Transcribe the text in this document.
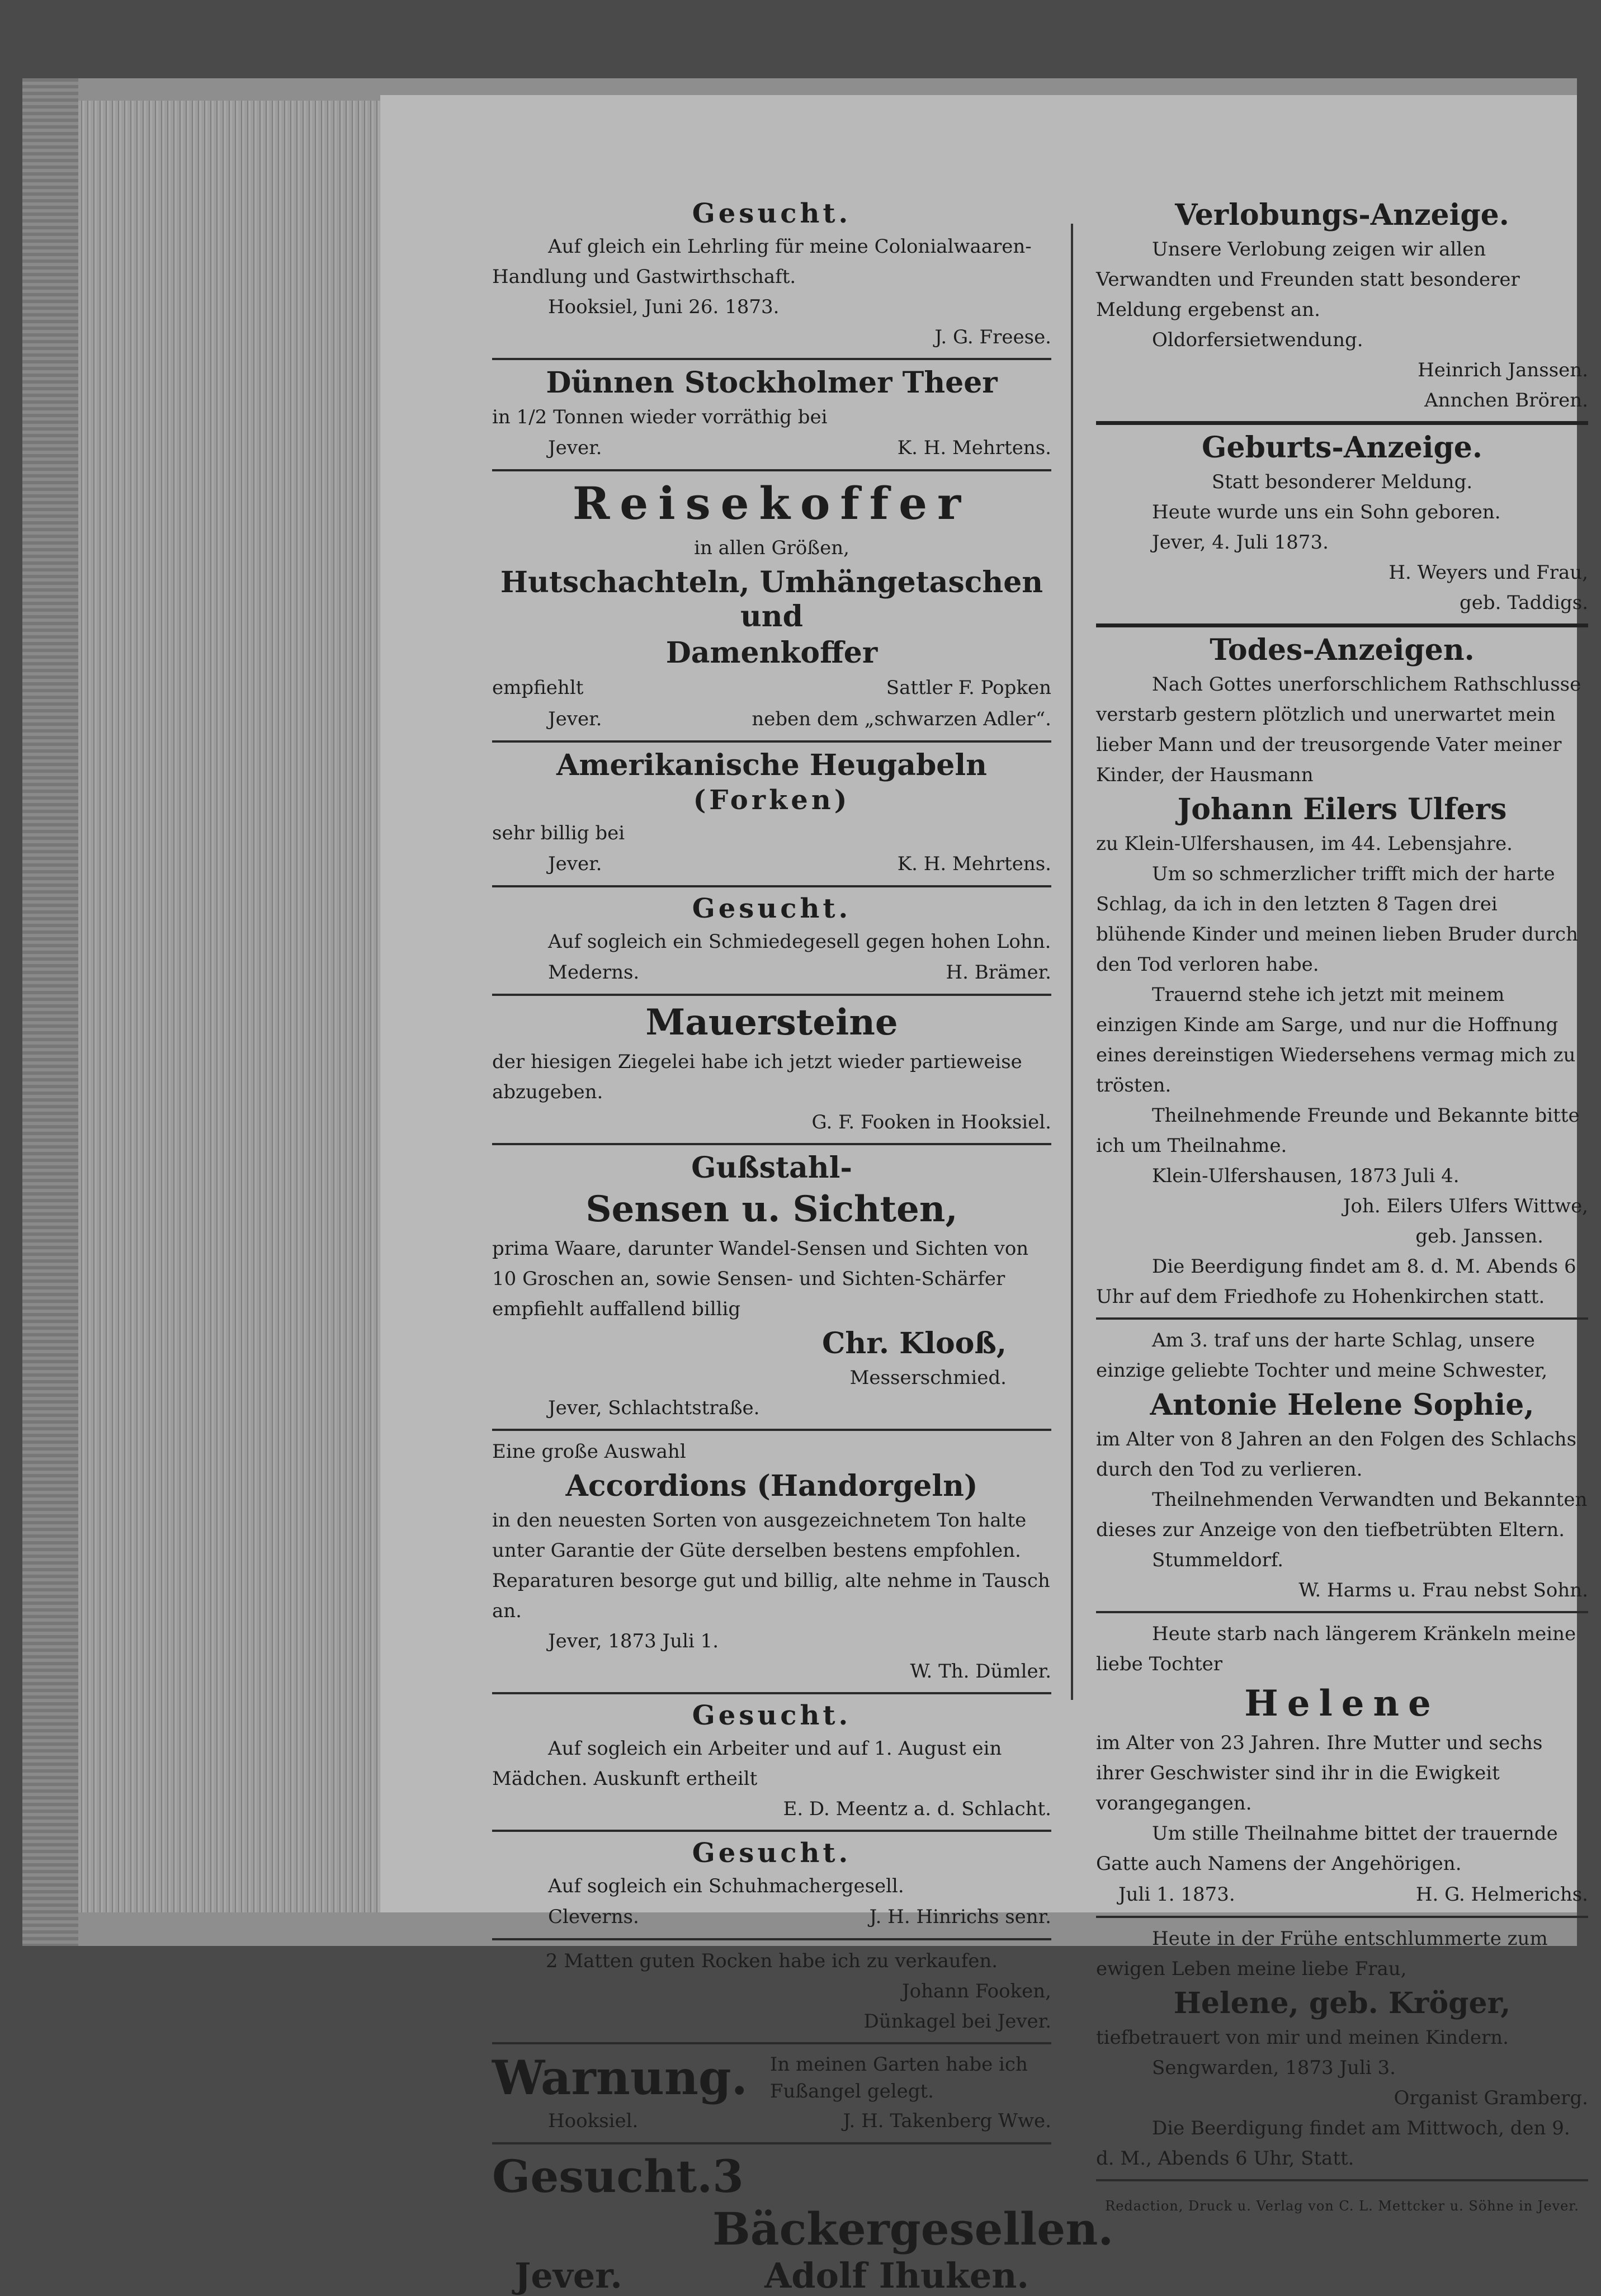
Gesucht.

Auf gleich ein Lehrling für meine Colonialwaaren-Handlung und Gastwirthschaft.

Hooksiel, Juni 26. 1873.

J. G. Freese.

Dünnen Stockholmer Theer

in 1/2 Tonnen wieder vorräthig bei

Jever.	K. H. Mehrtens.
Reisekoffer

in allen Größen,

Hutschachteln, Umhängetaschen und
Damenkoffer
empfiehlt	Sattler F. Popken
Jever.	neben dem „schwarzen Adler“.
Amerikanische Heugabeln
(Forken)

sehr billig bei

Jever.	K. H. Mehrtens.
Gesucht.

Auf sogleich ein Schmiedegesell gegen hohen Lohn.

Mederns.	H. Brämer.
Mauersteine

der hiesigen Ziegelei habe ich jetzt wieder partieweise abzugeben.

G. F. Fooken in Hooksiel.

Gußstahl-
Sensen u. Sichten,

prima Waare, darunter Wandel-Sensen und Sichten von 10 Groschen an, sowie Sensen- und Sichten-Schärfer empfiehlt auffallend billig

Chr. Klooß,

Messerschmied.

Jever, Schlachtstraße.

Eine große Auswahl

Accordions (Handorgeln)

in den neuesten Sorten von ausgezeichnetem Ton halte unter Garantie der Güte derselben bestens empfohlen. Reparaturen besorge gut und billig, alte nehme in Tausch an.

Jever, 1873 Juli 1.

W. Th. Dümler.

Gesucht.

Auf sogleich ein Arbeiter und auf 1. August ein Mädchen. Auskunft ertheilt

E. D. Meentz a. d. Schlacht.

Gesucht.

Auf sogleich ein Schuhmachergesell.

Cleverns.	J. H. Hinrichs senr.

2 Matten guten Rocken habe ich zu verkaufen.

Johann Fooken,

Dünkagel bei Jever.

Warnung.	In meinen Garten habe ich Fußangel gelegt.
Hooksiel.	J. H. Takenberg Wwe.
Gesucht. 3 Bäckergesellen.
Jever.	Adolf Ihuken.
Verlobungs-Anzeige.

Unsere Verlobung zeigen wir allen Verwandten und Freunden statt besonderer Meldung ergebenst an.

Oldorfersietwendung.

Heinrich Janssen.

Annchen Brören.

Geburts-Anzeige.

Statt besonderer Meldung.

Heute wurde uns ein Sohn geboren.

Jever, 4. Juli 1873.

H. Weyers und Frau,

geb. Taddigs.

Todes-Anzeigen.

Nach Gottes unerforschlichem Rathschlusse verstarb gestern plötzlich und unerwartet mein lieber Mann und der treusorgende Vater meiner Kinder, der Hausmann

Johann Eilers Ulfers

zu Klein-Ulfershausen, im 44. Lebensjahre.

Um so schmerzlicher trifft mich der harte Schlag, da ich in den letzten 8 Tagen drei blühende Kinder und meinen lieben Bruder durch den Tod verloren habe.

Trauernd stehe ich jetzt mit meinem einzigen Kinde am Sarge, und nur die Hoffnung eines dereinstigen Wiedersehens vermag mich zu trösten.

Theilnehmende Freunde und Bekannte bitte ich um Theilnahme.

Klein-Ulfershausen, 1873 Juli 4.

Joh. Eilers Ulfers Wittwe,

geb. Janssen.

Die Beerdigung findet am 8. d. M. Abends 6 Uhr auf dem Friedhofe zu Hohenkirchen statt.

Am 3. traf uns der harte Schlag, unsere einzige geliebte Tochter und meine Schwester,

Antonie Helene Sophie,

im Alter von 8 Jahren an den Folgen des Schlachs durch den Tod zu verlieren.

Theilnehmenden Verwandten und Bekannten dieses zur Anzeige von den tiefbetrübten Eltern.

Stummeldorf.

W. Harms u. Frau nebst Sohn.

Heute starb nach längerem Kränkeln meine liebe Tochter

Helene

im Alter von 23 Jahren. Ihre Mutter und sechs ihrer Geschwister sind ihr in die Ewigkeit vorangegangen.

Um stille Theilnahme bittet der trauernde Gatte auch Namens der Angehörigen.

Juli 1. 1873.	H. G. Helmerichs.

Heute in der Frühe entschlummerte zum ewigen Leben meine liebe Frau,

Helene, geb. Kröger,

tiefbetrauert von mir und meinen Kindern.

Sengwarden, 1873 Juli 3.

Organist Gramberg.

Die Beerdigung findet am Mittwoch, den 9. d. M., Abends 6 Uhr, Statt.

Redaction, Druck u. Verlag von C. L. Mettcker u. Söhne in Jever.
